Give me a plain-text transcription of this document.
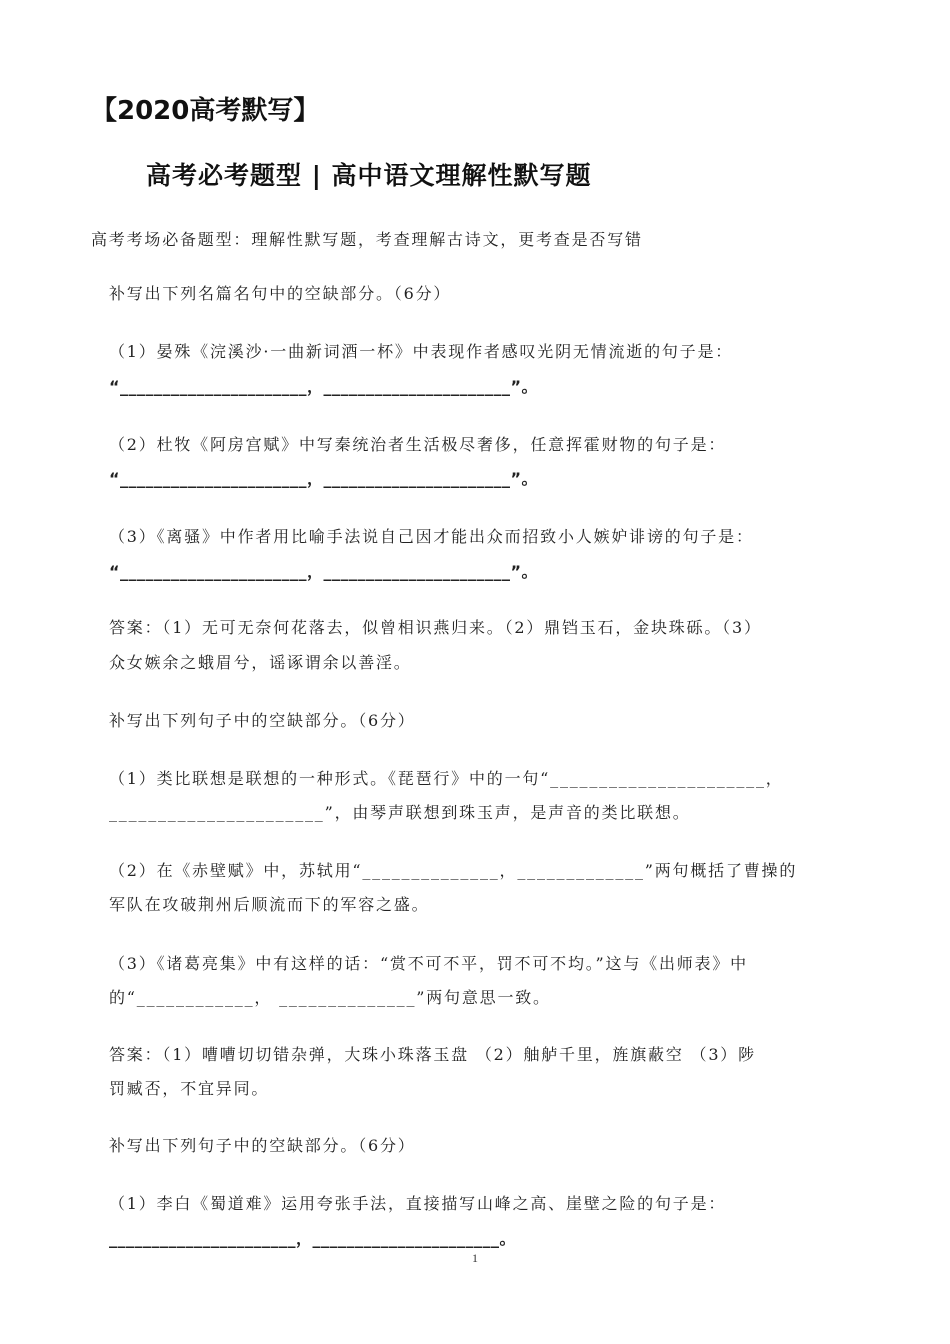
【2020高考默写】
高考必考题型 | 高中语文理解性默写题
高考考场必备题型：理解性默写题，考查理解古诗文，更考查是否写错
补写出下列名篇名句中的空缺部分。（6分）
（1）晏殊《浣溪沙·一曲新词酒一杯》中表现作者感叹光阴无情流逝的句子是：
“______________________，______________________”。
（2）杜牧《阿房宫赋》中写秦统治者生活极尽奢侈，任意挥霍财物的句子是：
“______________________，______________________”。
（3）《离骚》中作者用比喻手法说自己因才能出众而招致小人嫉妒诽谤的句子是：
“______________________，______________________”。
答案：（1）无可无奈何花落去，似曾相识燕归来。（2）鼎铛玉石，金块珠砾。（3）
众女嫉余之蛾眉兮，谣诼谓余以善淫。
补写出下列句子中的空缺部分。（6分）
（1）类比联想是联想的一种形式。《琵琶行》中的一句“______________________，
______________________”，由琴声联想到珠玉声，是声音的类比联想。
（2）在《赤壁赋》中，苏轼用“______________，_____________”两句概括了曹操的
军队在攻破荆州后顺流而下的军容之盛。
（3）《诸葛亮集》中有这样的话：“赏不可不平，罚不可不均。”这与《出师表》中
的“____________， ______________”两句意思一致。
答案：（1）嘈嘈切切错杂弹，大珠小珠落玉盘 （2）舳舻千里，旌旗蔽空 （3）陟
罚臧否，不宜异同。
补写出下列句子中的空缺部分。（6分）
（1）李白《蜀道难》运用夸张手法，直接描写山峰之高、崖壁之险的句子是：
______________________，______________________。
1
